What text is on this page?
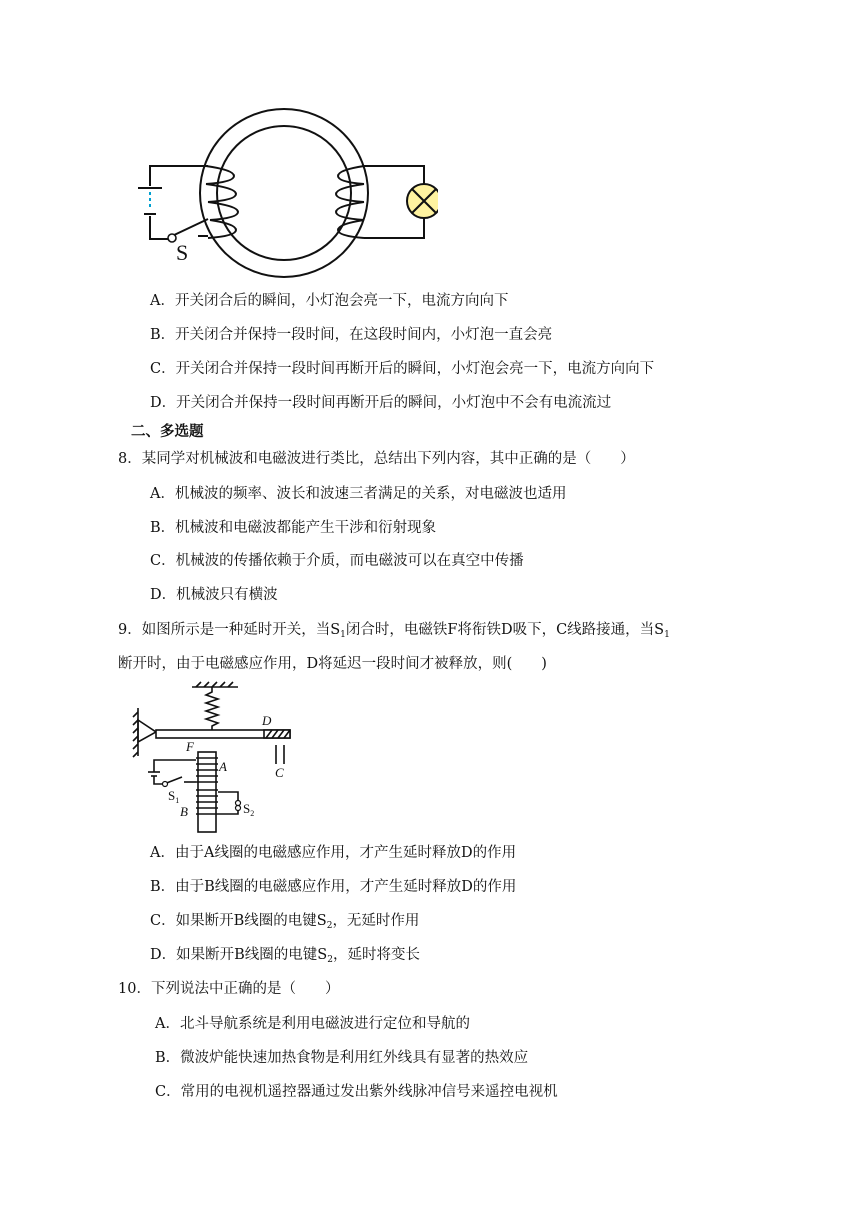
S
A．开关闭合后的瞬间，小灯泡会亮一下，电流方向向下
B．开关闭合并保持一段时间，在这段时间内，小灯泡一直会亮
C．开关闭合并保持一段时间再断开后的瞬间，小灯泡会亮一下，电流方向向下
D．开关闭合并保持一段时间再断开后的瞬间，小灯泡中不会有电流流过
二、多选题
8．某同学对机械波和电磁波进行类比，总结出下列内容，其中正确的是（　　）
A．机械波的频率、波长和波速三者满足的关系，对电磁波也适用
B．机械波和电磁波都能产生干涉和衍射现象
C．机械波的传播依赖于介质，而电磁波可以在真空中传播
D．机械波只有横波
9．如图所示是一种延时开关，当$S_1$闭合时，电磁铁F将衔铁D吸下，C线路接通，当$S_1$
断开时，由于电磁感应作用，D将延迟一段时间才被释放，则(　　)
D
F
A	C
B
$S_1$
$S_2$
A．由于A线圈的电磁感应作用，才产生延时释放D的作用
B．由于B线圈的电磁感应作用，才产生延时释放D的作用
C．如果断开B线圈的电键$S_2$，无延时作用
D．如果断开B线圈的电键$S_2$，延时将变长
10．下列说法中正确的是（　　）
A．北斗导航系统是利用电磁波进行定位和导航的
B．微波炉能快速加热食物是利用红外线具有显著的热效应
C．常用的电视机遥控器通过发出紫外线脉冲信号来遥控电视机
